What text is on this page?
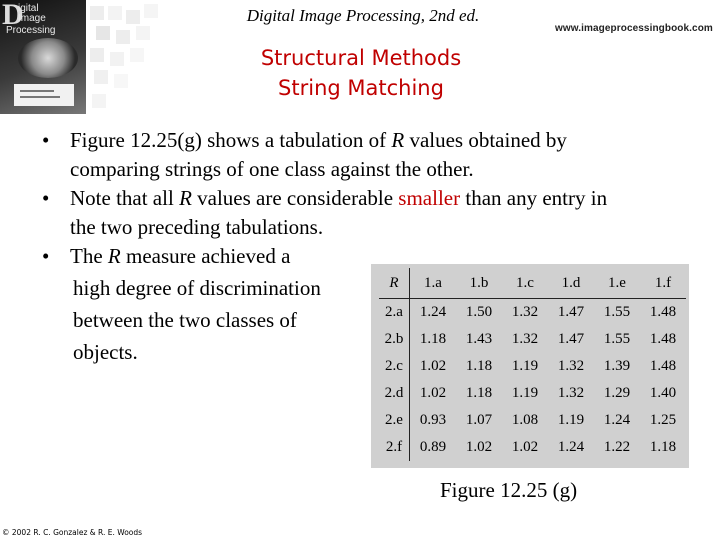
D
igital
Image
Processing
Digital Image Processing, 2nd ed.
www.imageprocessingbook.com
Structural Methods
String Matching
• Figure 12.25(g) shows a tabulation of R values obtained by
comparing strings of one class against the other.
• Note that all R values are considerable smaller than any entry in
the two preceding tabulations.
• The R measure achieved a
high degree of discrimination
between the two classes of
objects.
R	1.a	1.b	1.c	1.d	1.e	1.f
2.a	1.24	1.50	1.32	1.47	1.55	1.48
2.b	1.18	1.43	1.32	1.47	1.55	1.48
2.c	1.02	1.18	1.19	1.32	1.39	1.48
2.d	1.02	1.18	1.19	1.32	1.29	1.40
2.e	0.93	1.07	1.08	1.19	1.24	1.25
2.f	0.89	1.02	1.02	1.24	1.22	1.18
Figure 12.25 (g)
© 2002 R. C. Gonzalez & R. E. Woods
